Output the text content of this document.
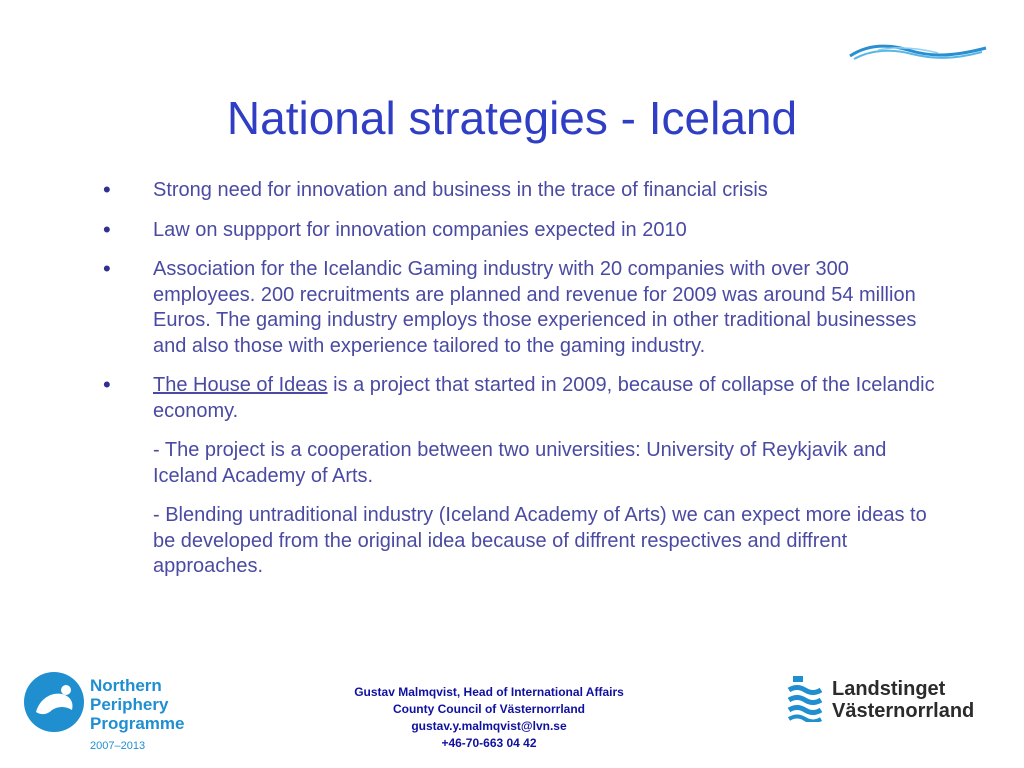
National strategies - Iceland
• Strong need for innovation and business in the trace of financial crisis
• Law on suppport for innovation companies expected in 2010
• Association for the Icelandic Gaming industry with 20 companies with over 300 employees. 200 recruitments are planned and revenue for 2009 was around 54 million Euros. The gaming industry employs those experienced in other traditional businesses and also those with experience tailored to the gaming industry.
• The House of Ideas is a project that started in 2009, because of collapse of the Icelandic economy.
- The project is a cooperation between two universities: University of Reykjavik and Iceland Academy of Arts.
- Blending untraditional industry (Iceland Academy of Arts) we can expect more ideas to be developed from the original idea because of diffrent respectives and diffrent approaches.
Northern
Periphery
Programme
2007–2013
Gustav Malmqvist, Head of International Affairs
County Council of Västernorrland
gustav.y.malmqvist@lvn.se
+46-70-663 04 42
Landstinget
Västernorrland
